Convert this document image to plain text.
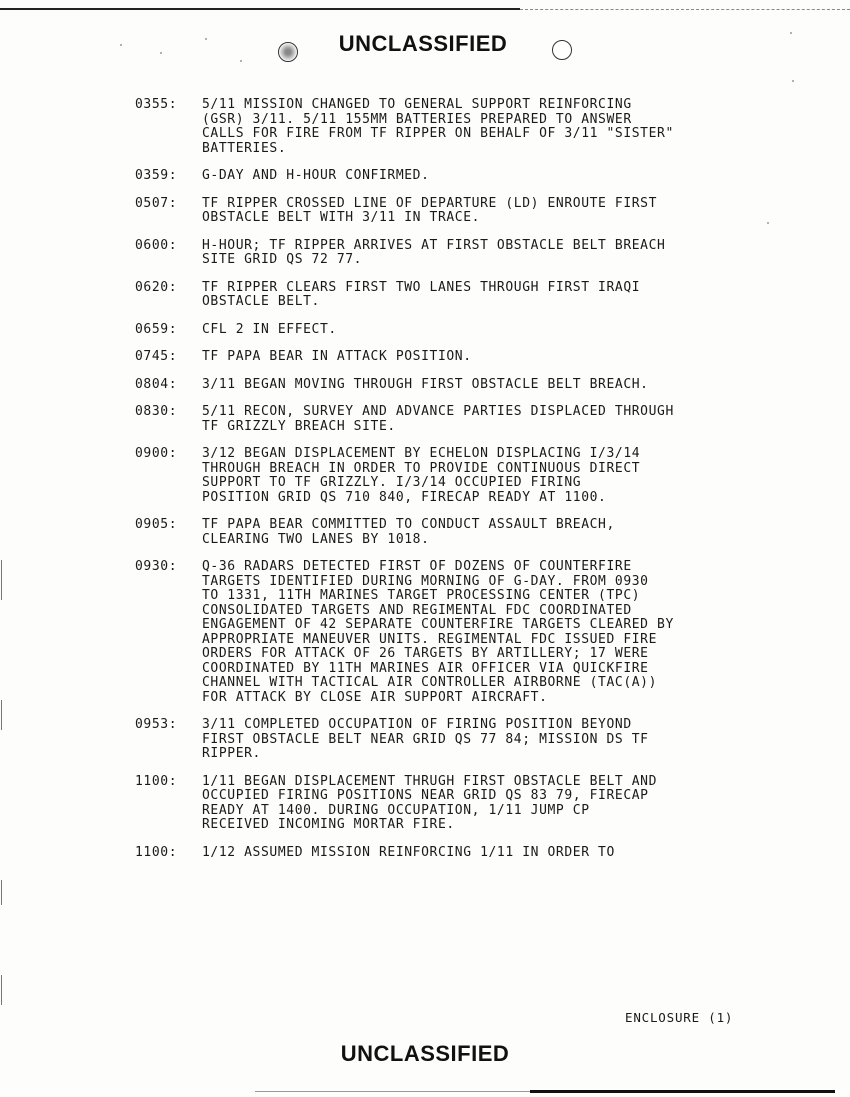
UNCLASSIFIED
0355:	5/11 MISSION CHANGED TO GENERAL SUPPORT REINFORCING
(GSR) 3/11. 5/11 155MM BATTERIES PREPARED TO ANSWER
CALLS FOR FIRE FROM TF RIPPER ON BEHALF OF 3/11 "SISTER"
BATTERIES.
0359:	G-DAY AND H-HOUR CONFIRMED.
0507:	TF RIPPER CROSSED LINE OF DEPARTURE (LD) ENROUTE FIRST
OBSTACLE BELT WITH 3/11 IN TRACE.
0600:	H-HOUR; TF RIPPER ARRIVES AT FIRST OBSTACLE BELT BREACH
SITE GRID QS 72 77.
0620:	TF RIPPER CLEARS FIRST TWO LANES THROUGH FIRST IRAQI
OBSTACLE BELT.
0659:	CFL 2 IN EFFECT.
0745:	TF PAPA BEAR IN ATTACK POSITION.
0804:	3/11 BEGAN MOVING THROUGH FIRST OBSTACLE BELT BREACH.
0830:	5/11 RECON, SURVEY AND ADVANCE PARTIES DISPLACED THROUGH
TF GRIZZLY BREACH SITE.
0900:	3/12 BEGAN DISPLACEMENT BY ECHELON DISPLACING I/3/14
THROUGH BREACH IN ORDER TO PROVIDE CONTINUOUS DIRECT
SUPPORT TO TF GRIZZLY. I/3/14 OCCUPIED FIRING
POSITION GRID QS 710 840, FIRECAP READY AT 1100.
0905:	TF PAPA BEAR COMMITTED TO CONDUCT ASSAULT BREACH,
CLEARING TWO LANES BY 1018.
0930:	Q-36 RADARS DETECTED FIRST OF DOZENS OF COUNTERFIRE
TARGETS IDENTIFIED DURING MORNING OF G-DAY. FROM 0930
TO 1331, 11TH MARINES TARGET PROCESSING CENTER (TPC)
CONSOLIDATED TARGETS AND REGIMENTAL FDC COORDINATED
ENGAGEMENT OF 42 SEPARATE COUNTERFIRE TARGETS CLEARED BY
APPROPRIATE MANEUVER UNITS. REGIMENTAL FDC ISSUED FIRE
ORDERS FOR ATTACK OF 26 TARGETS BY ARTILLERY; 17 WERE
COORDINATED BY 11TH MARINES AIR OFFICER VIA QUICKFIRE
CHANNEL WITH TACTICAL AIR CONTROLLER AIRBORNE (TAC(A))
FOR ATTACK BY CLOSE AIR SUPPORT AIRCRAFT.
0953:	3/11 COMPLETED OCCUPATION OF FIRING POSITION BEYOND
FIRST OBSTACLE BELT NEAR GRID QS 77 84; MISSION DS TF
RIPPER.
1100:	1/11 BEGAN DISPLACEMENT THRUGH FIRST OBSTACLE BELT AND
OCCUPIED FIRING POSITIONS NEAR GRID QS 83 79, FIRECAP
READY AT 1400. DURING OCCUPATION, 1/11 JUMP CP
RECEIVED INCOMING MORTAR FIRE.
1100:	1/12 ASSUMED MISSION REINFORCING 1/11 IN ORDER TO
ENCLOSURE (1)
UNCLASSIFIED
